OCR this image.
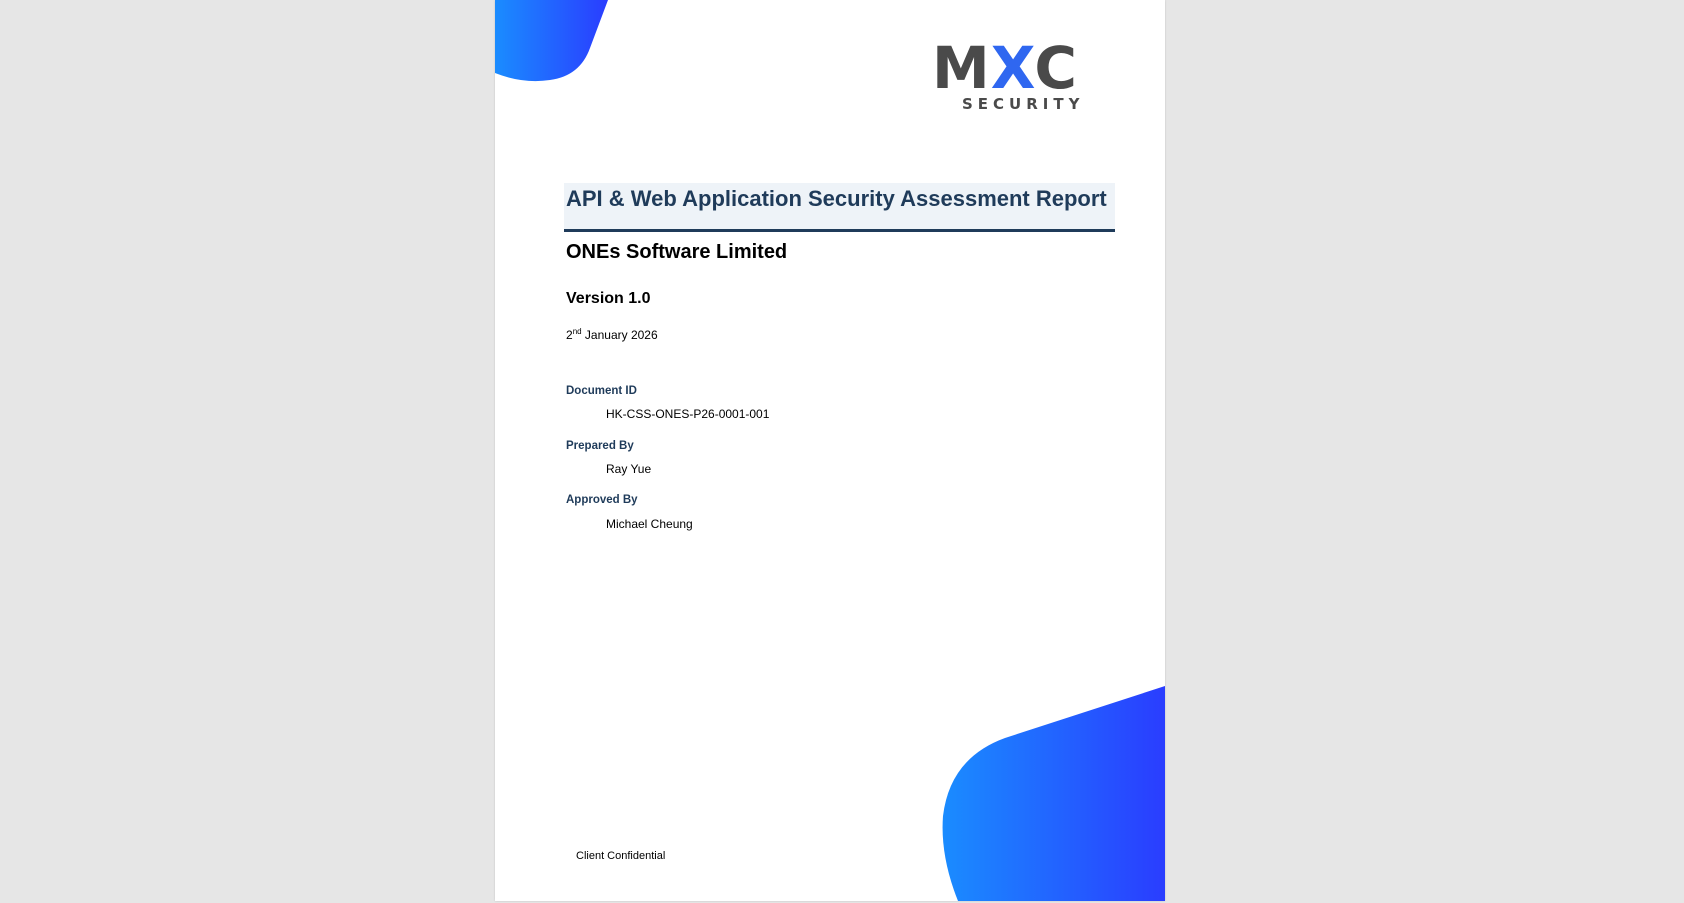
MXC
SECURITY
API & Web Application Security Assessment Report
ONEs Software Limited
Version 1.0
2nd January 2026
Document ID
HK-CSS-ONES-P26-0001-001
Prepared By
Ray Yue
Approved By
Michael Cheung
Client Confidential
